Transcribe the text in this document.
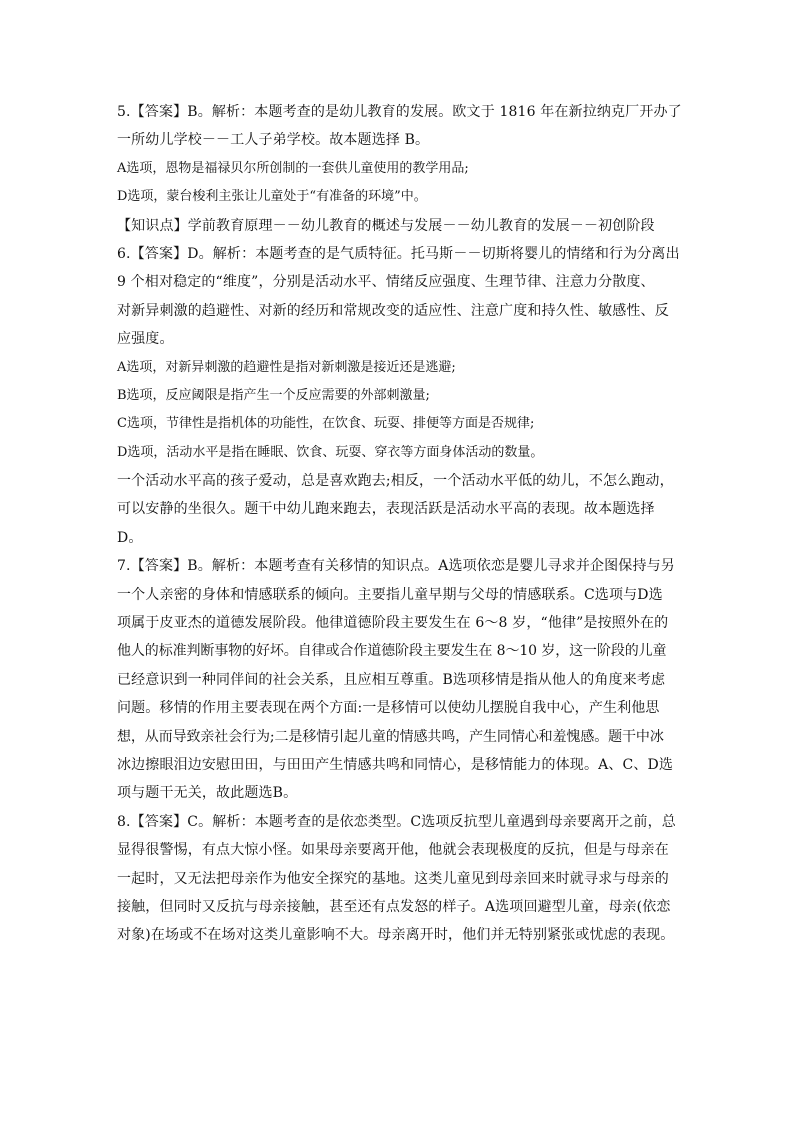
5.【答案】B。解析：本题考查的是幼儿教育的发展。欧文于 1816 年在新拉纳克厂开办了
一所幼儿学校－－工人子弟学校。故本题选择 B。
A选项，恩物是福禄贝尔所创制的一套供儿童使用的教学用品;
D选项，蒙台梭利主张让儿童处于“有准备的环境”中。
【知识点】学前教育原理－－幼儿教育的概述与发展－－幼儿教育的发展－－初创阶段
6.【答案】D。解析：本题考查的是气质特征。托马斯－－切斯将婴儿的情绪和行为分离出
9 个相对稳定的“维度”，分别是活动水平、情绪反应强度、生理节律、注意力分散度、
对新异刺激的趋避性、对新的经历和常规改变的适应性、注意广度和持久性、敏感性、反
应强度。
A选项，对新异刺激的趋避性是指对新刺激是接近还是逃避;
B选项，反应阈限是指产生一个反应需要的外部刺激量;
C选项，节律性是指机体的功能性，在饮食、玩耍、排便等方面是否规律;
D选项，活动水平是指在睡眠、饮食、玩耍、穿衣等方面身体活动的数量。
一个活动水平高的孩子爱动，总是喜欢跑去;相反，一个活动水平低的幼儿，不怎么跑动，
可以安静的坐很久。题干中幼儿跑来跑去，表现活跃是活动水平高的表现。故本题选择
D。
7.【答案】B。解析：本题考查有关移情的知识点。A选项依恋是婴儿寻求并企图保持与另
一个人亲密的身体和情感联系的倾向。主要指儿童早期与父母的情感联系。C选项与D选
项属于皮亚杰的道德发展阶段。他律道德阶段主要发生在 6～8 岁，“他律”是按照外在的
他人的标准判断事物的好坏。自律或合作道德阶段主要发生在 8～10 岁，这一阶段的儿童
已经意识到一种同伴间的社会关系，且应相互尊重。B选项移情是指从他人的角度来考虑
问题。移情的作用主要表现在两个方面:一是移情可以使幼儿摆脱自我中心，产生利他思
想，从而导致亲社会行为;二是移情引起儿童的情感共鸣，产生同情心和羞愧感。题干中冰
冰边擦眼泪边安慰田田，与田田产生情感共鸣和同情心，是移情能力的体现。A、C、D选
项与题干无关，故此题选B。
8.【答案】C。解析：本题考查的是依恋类型。C选项反抗型儿童遇到母亲要离开之前，总
显得很警惕，有点大惊小怪。如果母亲要离开他，他就会表现极度的反抗，但是与母亲在
一起时，又无法把母亲作为他安全探究的基地。这类儿童见到母亲回来时就寻求与母亲的
接触，但同时又反抗与母亲接触，甚至还有点发怒的样子。A选项回避型儿童，母亲(依恋
对象)在场或不在场对这类儿童影响不大。母亲离开时，他们并无特别紧张或忧虑的表现。
